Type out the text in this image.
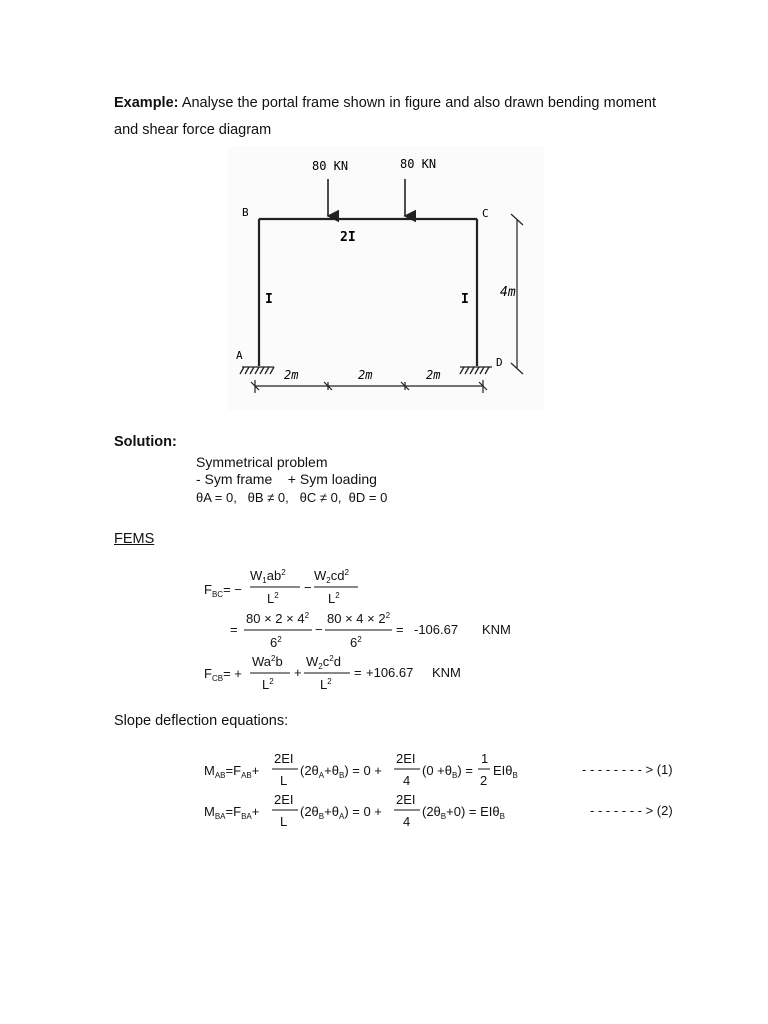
Example: Analyse the portal frame shown in figure and also drawn bending moment and shear force diagram
80 KN	80 KN
B	C
A
D
2I
I	I 4m
2m	2m	2m
Solution:
Symmetrical problem
- Sym frame    + Sym loading
θA = 0,   θB ≠ 0,   θC ≠ 0,  θD = 0
FEMS
$F_{BC}=$ −
$W_1ab^2$
$L^2$
−
$W_2cd^2$
$L^2$
=
$80 \times 2 \times 4^2$
$6^2$
−
$80 \times 4 \times 2^2$
$6^2$
= -106.67 KNM
$F_{CB}=$ +
$Wa^2b$
$L^2$
+
$W_2c^2d$
$L^2$
= +106.67 KNM
Slope deflection equations:
$M_{AB}=F_{AB}+$
2EI
L
$(2\theta_A+\theta_B) = 0$ +
2EI
4
$(0 +\theta_B)$ =
1
2
EIθ$_B$	- - - - - - - - > (1)
$M_{BA}=F_{BA}+$
2EI
L
$(2\theta_B+\theta_A) = 0$ +
2EI
4
$(2\theta_B+0) = EI\theta_B$	- - - - - - - > (2)
